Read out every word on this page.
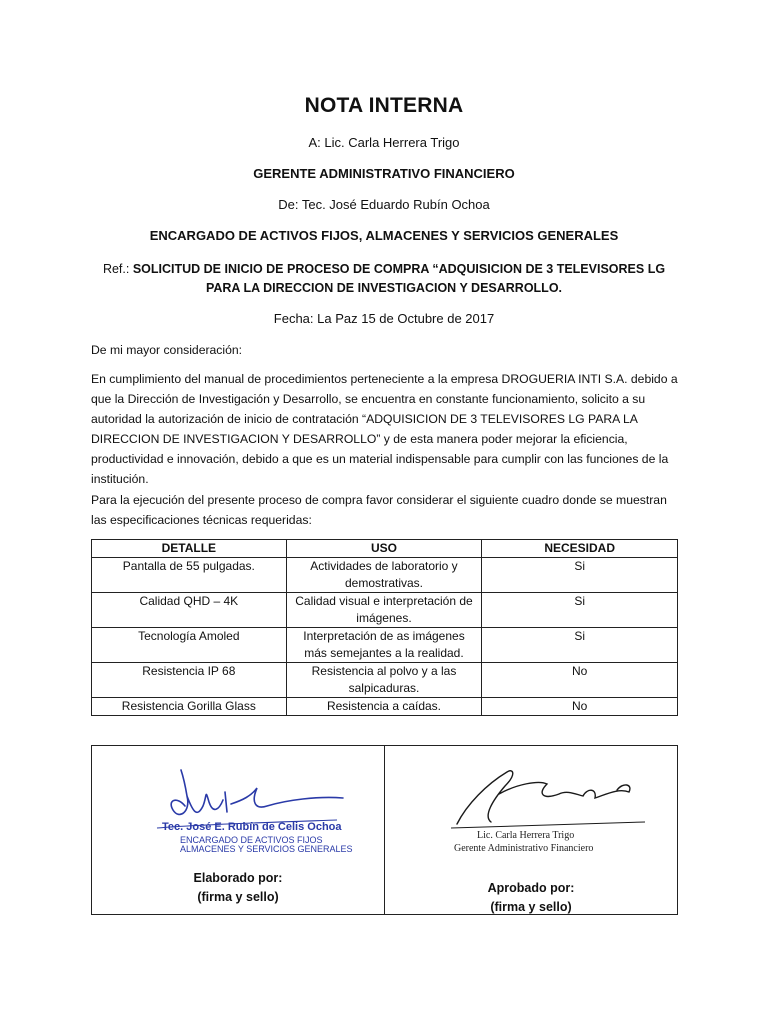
NOTA INTERNA
A: Lic. Carla Herrera Trigo
GERENTE ADMINISTRATIVO FINANCIERO
De: Tec. José Eduardo Rubín Ochoa
ENCARGADO DE ACTIVOS FIJOS, ALMACENES Y SERVICIOS GENERALES
Ref.: SOLICITUD DE INICIO DE PROCESO DE COMPRA “ADQUISICION DE 3 TELEVISORES LG
PARA LA DIRECCION DE INVESTIGACION Y DESARROLLO.
Fecha: La Paz 15 de Octubre de 2017
De mi mayor consideración:
En cumplimiento del manual de procedimientos perteneciente a la empresa DROGUERIA INTI S.A. debido a que la Dirección de Investigación y Desarrollo, se encuentra en constante funcionamiento, solicito a su autoridad la autorización de inicio de contratación “ADQUISICION DE 3 TELEVISORES LG PARA LA DIRECCION DE INVESTIGACION Y DESARROLLO” y de esta manera poder mejorar la eficiencia, productividad e innovación, debido a que es un material indispensable para cumplir con las funciones de la institución.
Para la ejecución del presente proceso de compra favor considerar el siguiente cuadro donde se muestran las especificaciones técnicas requeridas:
DETALLE	USO	NECESIDAD
Pantalla de 55 pulgadas.	Actividades de laboratorio y demostrativas.	Si
Calidad QHD – 4K	Calidad visual e interpretación de imágenes.	Si
Tecnología Amoled	Interpretación de as imágenes más semejantes a la realidad.	Si
Resistencia IP 68	Resistencia al polvo y a las salpicaduras.	No
Resistencia Gorilla Glass	Resistencia a caídas.	No
Tec. José E. Rubín de Celis Ochoa
ENCARGADO DE ACTIVOS FIJOS
ALMACENES Y SERVICIOS GENERALES
Elaborado por:
(firma y sello)
Lic. Carla Herrera Trigo
Gerente Administrativo Financiero
Aprobado por:
(firma y sello)
